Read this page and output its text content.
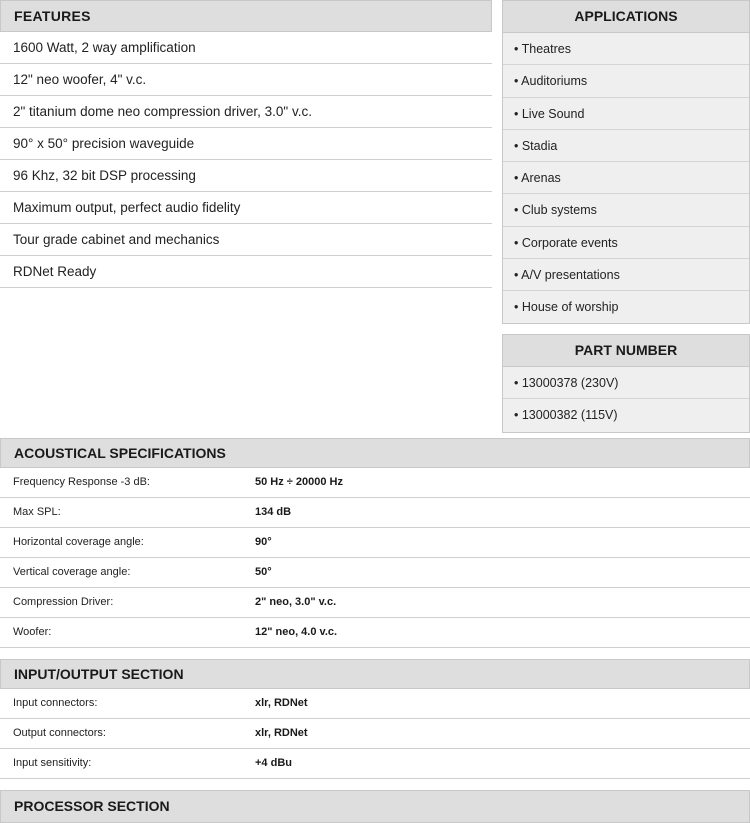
FEATURES
1600 Watt, 2 way amplification
12" neo woofer, 4" v.c.
2" titanium dome neo compression driver, 3.0" v.c.
90° x 50° precision waveguide
96 Khz, 32 bit DSP processing
Maximum output, perfect audio fidelity
Tour grade cabinet and mechanics
RDNet Ready
APPLICATIONS
• Theatres
• Auditoriums
• Live Sound
• Stadia
• Arenas
• Club systems
• Corporate events
• A/V presentations
• House of worship
PART NUMBER
• 13000378 (230V)
• 13000382 (115V)
ACOUSTICAL SPECIFICATIONS
Frequency Response -3 dB:	50 Hz ÷ 20000 Hz
Max SPL:	134 dB
Horizontal coverage angle:	90°
Vertical coverage angle:	50°
Compression Driver:	2" neo, 3.0" v.c.
Woofer:	12" neo, 4.0 v.c.
INPUT/OUTPUT SECTION
Input connectors:	xlr, RDNet
Output connectors:	xlr, RDNet
Input sensitivity:	+4 dBu
PROCESSOR SECTION
